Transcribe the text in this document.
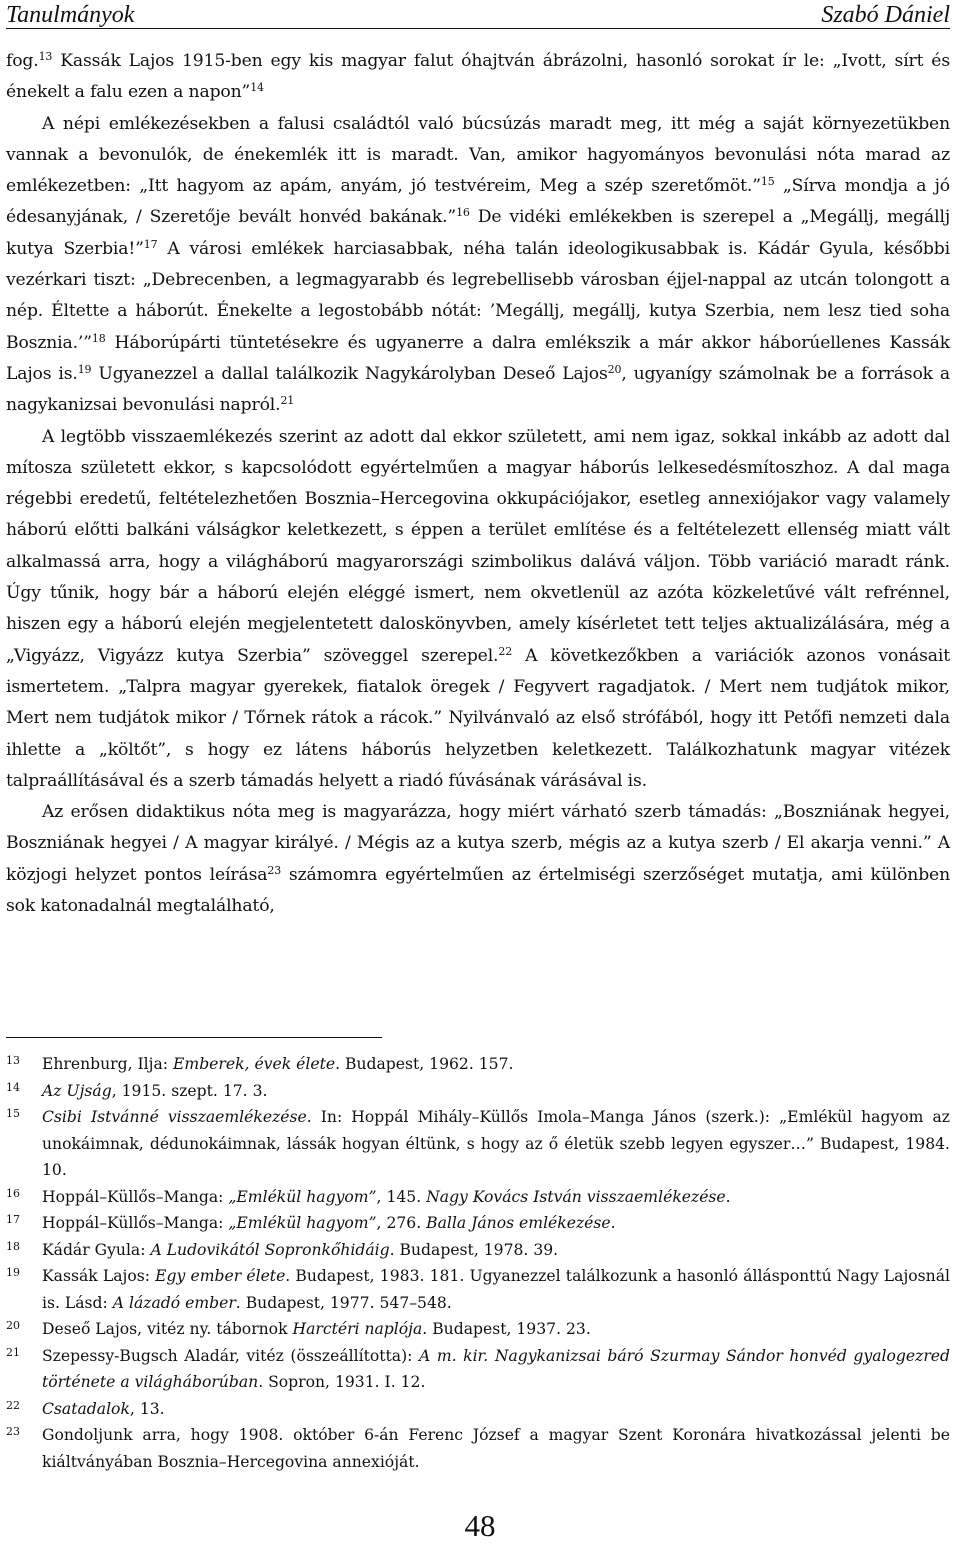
Tanulmányok	Szabó Dániel

fog.$^{13}$ Kassák Lajos 1915-ben egy kis magyar falut óhajtván ábrázolni, hasonló sorokat ír le: „Ivott, sírt és énekelt a falu ezen a napon”$^{14}$

A népi emlékezésekben a falusi családtól való búcsúzás maradt meg, itt még a saját környezetükben vannak a bevonulók, de énekemlék itt is maradt. Van, amikor hagyományos bevonulási nóta marad az emlékezetben: „Itt hagyom az apám, anyám, jó testvéreim, Meg a szép szeretőmöt.”$^{15}$ „Sírva mondja a jó édesanyjának, / Szeretője bevált honvéd bakának.”$^{16}$ De vidéki emlékekben is szerepel a „Megállj, megállj kutya Szerbia!”$^{17}$ A városi emlékek harciasabbak, néha talán ideologikusabbak is. Kádár Gyula, későbbi vezérkari tiszt: „Debrecenben, a legmagyarabb és legrebellisebb városban éjjel-nappal az utcán tolongott a nép. Éltette a háborút. Énekelte a legostobább nótát: ’Megállj, megállj, kutya Szerbia, nem lesz tied soha Bosznia.’”$^{18}$ Háborúpárti tüntetésekre és ugyanerre a dalra emlékszik a már akkor háborúellenes Kassák Lajos is.$^{19}$ Ugyanezzel a dallal találkozik Nagykárolyban Deseő Lajos$^{20}$, ugyanígy számolnak be a források a nagykanizsai bevonulási napról.$^{21}$

A legtöbb visszaemlékezés szerint az adott dal ekkor született, ami nem igaz, sokkal inkább az adott dal mítosza született ekkor, s kapcsolódott egyértelműen a magyar háborús lelkesedésmítoszhoz. A dal maga régebbi eredetű, feltételezhetően Bosznia–Hercegovina okkupációjakor, esetleg annexiójakor vagy valamely háború előtti balkáni válságkor keletkezett, s éppen a terület említése és a feltételezett ellenség miatt vált alkalmassá arra, hogy a világháború magyarországi szimbolikus dalává váljon. Több variáció maradt ránk. Úgy tűnik, hogy bár a háború elején eléggé ismert, nem okvetlenül az azóta közkeletűvé vált refrénnel, hiszen egy a háború elején megjelentetett daloskönyvben, amely kísérletet tett teljes aktualizálására, még a „Vigyázz, Vigyázz kutya Szerbia” szöveggel szerepel.$^{22}$ A következőkben a variációk azonos vonásait ismertetem. „Talpra magyar gyerekek, fiatalok öregek / Fegyvert ragadjatok. / Mert nem tudjátok mikor, Mert nem tudjátok mikor / Tőrnek rátok a rácok.” Nyilvánvaló az első strófából, hogy itt Petőfi nemzeti dala ihlette a „költőt”, s hogy ez látens háborús helyzetben keletkezett. Találkozhatunk magyar vitézek talpraállításával és a szerb támadás helyett a riadó fúvásának várásával is.

Az erősen didaktikus nóta meg is magyarázza, hogy miért várható szerb támadás: „Boszniának hegyei, Boszniának hegyei / A magyar királyé. / Mégis az a kutya szerb, mégis az a kutya szerb / El akarja venni.” A közjogi helyzet pontos leírása$^{23}$ számomra egyértelműen az értelmiségi szerzőséget mutatja, ami különben sok katonadalnál megtalálható,

13	Ehrenburg, Ilja: Emberek, évek élete. Budapest, 1962. 157.
14	Az Ujság, 1915. szept. 17. 3.
15	Csibi Istvánné visszaemlékezése. In: Hoppál Mihály–Küllős Imola–Manga János (szerk.): „Emlékül hagyom az unokáimnak, dédunokáimnak, lássák hogyan éltünk, s hogy az ő életük szebb legyen egyszer…” Budapest, 1984. 10.
16	Hoppál–Küllős–Manga: „Emlékül hagyom”, 145. Nagy Kovács István visszaemlékezése.
17	Hoppál–Küllős–Manga: „Emlékül hagyom”, 276. Balla János emlékezése.
18	Kádár Gyula: A Ludovikától Sopronkőhidáig. Budapest, 1978. 39.
19	Kassák Lajos: Egy ember élete. Budapest, 1983. 181. Ugyanezzel találkozunk a hasonló állásponttú Nagy Lajosnál is. Lásd: A lázadó ember. Budapest, 1977. 547–548.
20	Deseő Lajos, vitéz ny. tábornok Harctéri naplója. Budapest, 1937. 23.
21	Szepessy-Bugsch Aladár, vitéz (összeállította): A m. kir. Nagykanizsai báró Szurmay Sándor honvéd gyalogezred története a világháborúban. Sopron, 1931. I. 12.
22	Csatadalok, 13.
23	Gondoljunk arra, hogy 1908. október 6-án Ferenc József a magyar Szent Koronára hivatkozással jelenti be kiáltványában Bosznia–Hercegovina annexióját.
48
